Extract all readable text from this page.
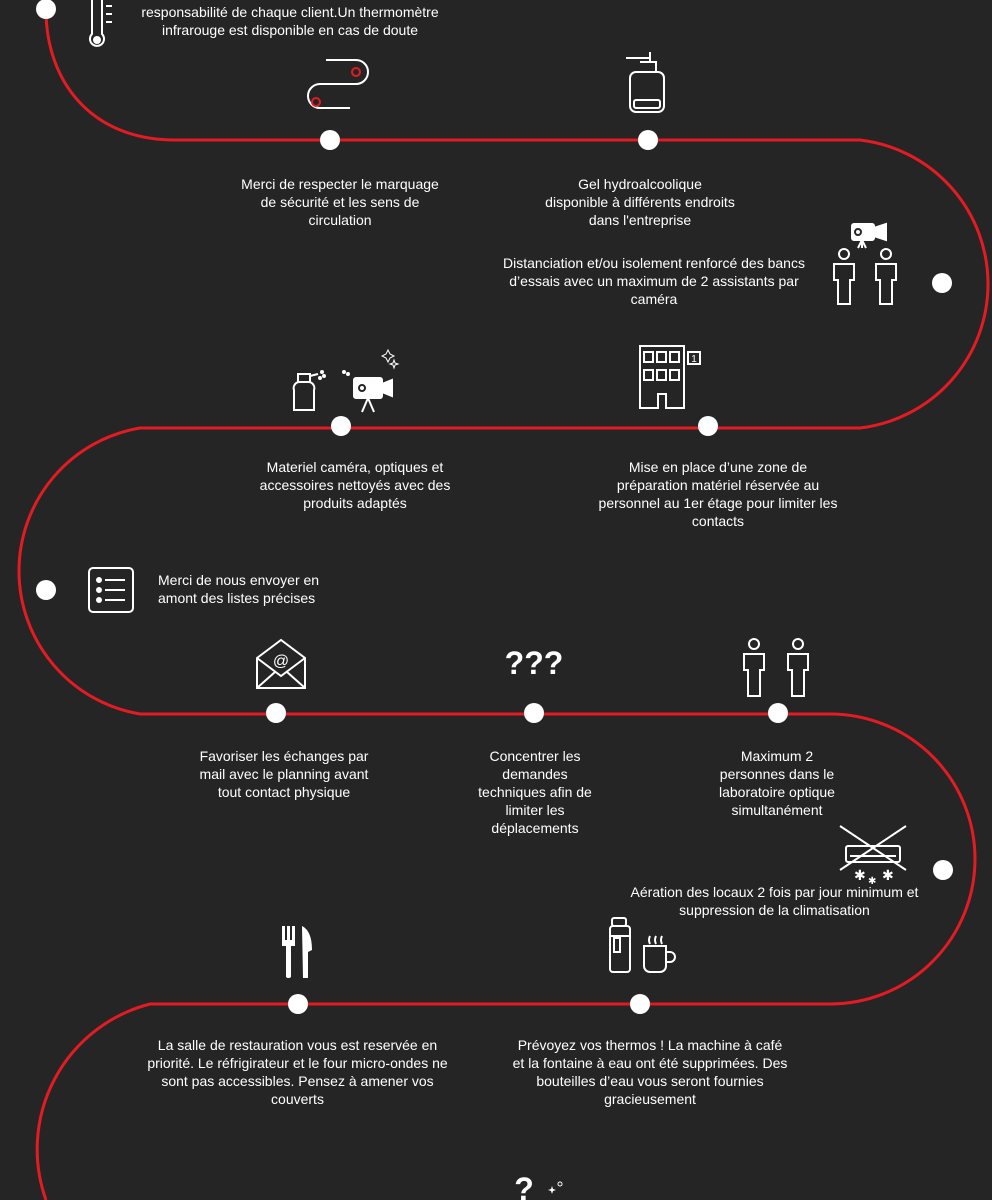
responsabilité de chaque client.Un thermomètre infrarouge est disponible en cas de doute
Merci de respecter le marquage de sécurité et les sens de circulation
Gel hydroalcoolique disponible à différents endroits dans l'entreprise
Distanciation et/ou isolement renforcé des bancs d’essais avec un maximum de 2 assistants par caméra
Materiel caméra, optiques et accessoires nettoyés avec des produits adaptés
Mise en place d’une zone de préparation matériel réservée au personnel au 1er étage pour limiter les contacts
Merci de nous envoyer en amont des listes précises
Favoriser les échanges par mail avec le planning avant tout contact physique
Concentrer les demandes techniques afin de limiter les déplacements
Maximum 2 personnes dans le laboratoire optique simultanément
Aération des locaux 2 fois par jour minimum et suppression de la climatisation
La salle de restauration vous est reservée en priorité. Le réfrigirateur et le four micro-ondes ne sont pas accessibles. Pensez à amener vos couverts
Prévoyez vos thermos ! La machine à café et la fontaine à eau ont été supprimées. Des bouteilles d’eau vous seront fournies gracieusement
1
@	???
✱ ✱ ✱
?
